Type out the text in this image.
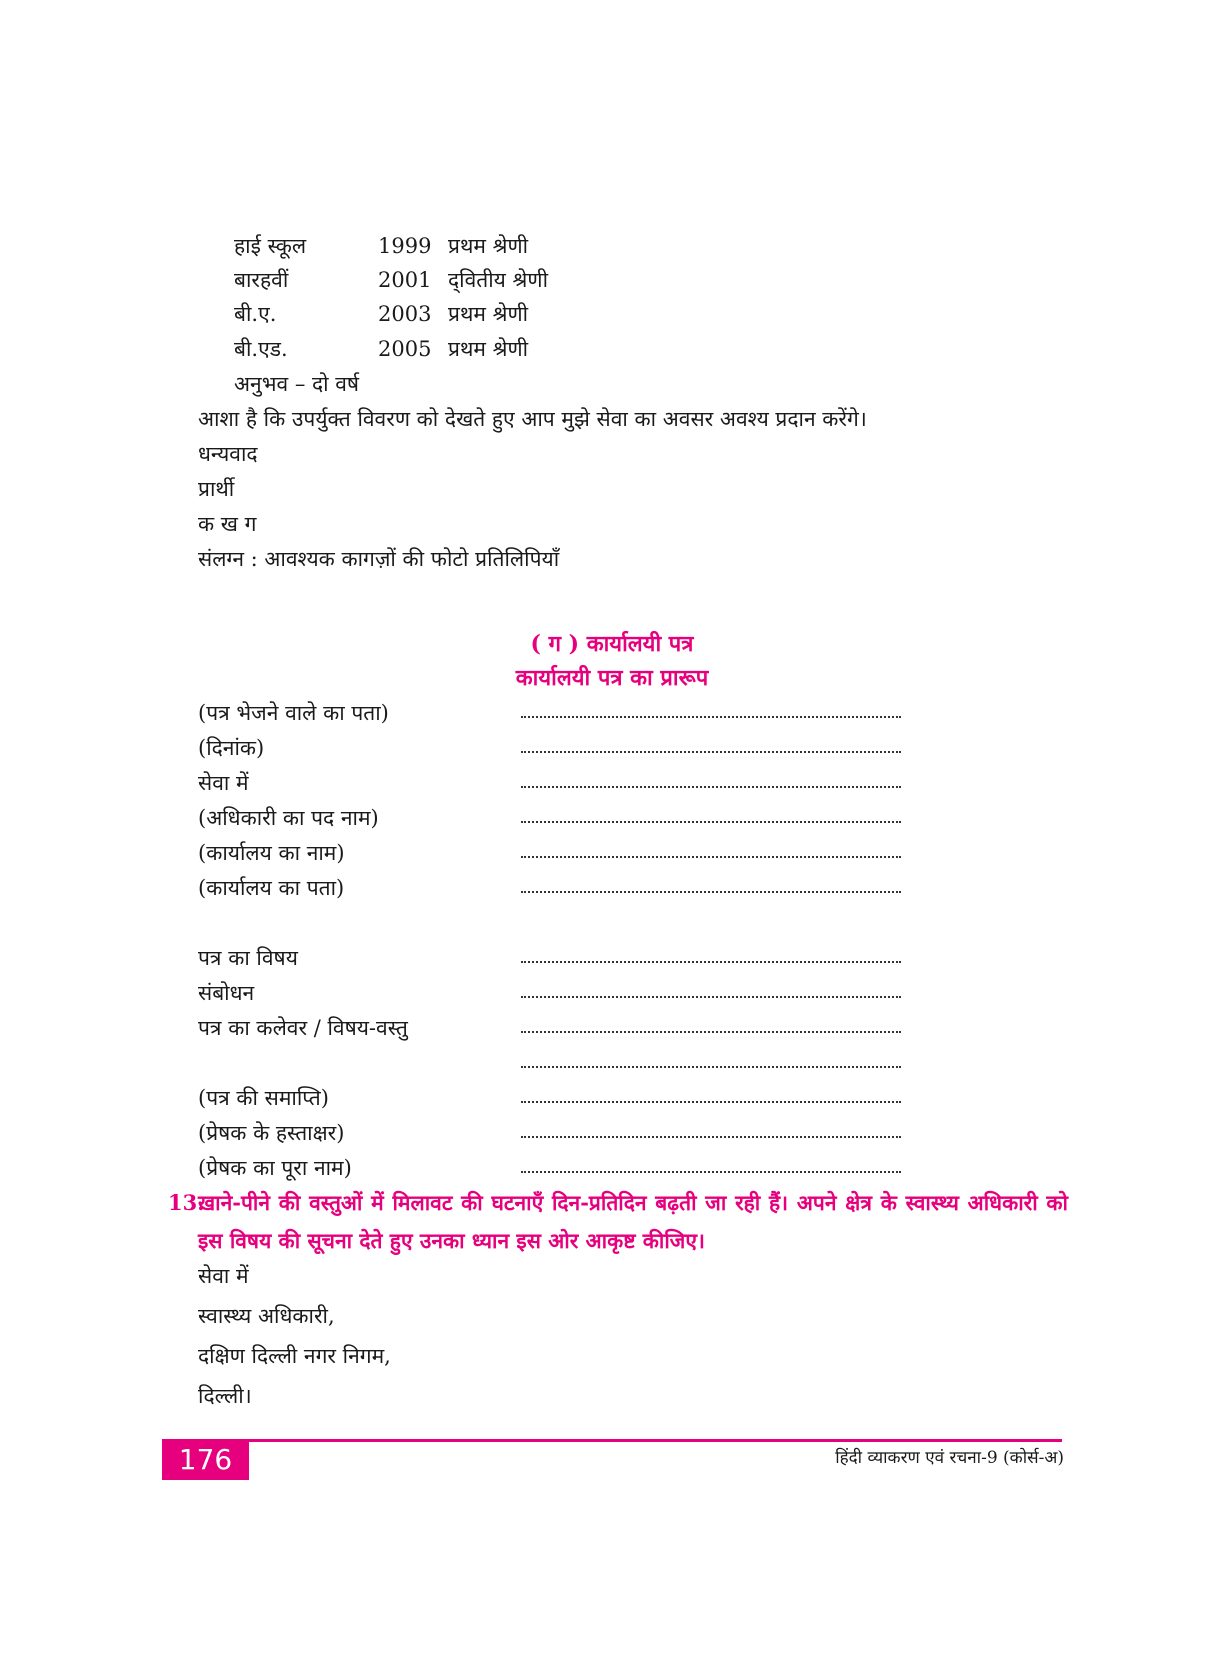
हाई स्कूल	1999 प्रथम श्रेणी
बारहवीं	2001 द्‌वितीय श्रेणी
बी.ए.	2003 प्रथम श्रेणी
बी.एड.	2005 प्रथम श्रेणी
अनुभव – दो वर्ष
आशा है कि उपर्युक्त विवरण को देखते हुए आप मुझे सेवा का अवसर अवश्य प्रदान करेंगे।
धन्यवाद
प्रार्थी
क ख ग
संलग्न : आवश्यक कागज़ों की फोटो प्रतिलिपियाँ
( ग ) कार्यालयी पत्र
कार्यालयी पत्र का प्रारूप
(पत्र भेजने वाले का पता)
(दिनांक)
सेवा में
(अधिकारी का पद नाम)
(कार्यालय का नाम)
(कार्यालय का पता)
पत्र का विषय
संबोधन
पत्र का कलेवर / विषय-वस्तु
(पत्र की समाप्ति)
(प्रेषक के हस्ताक्षर)
(प्रेषक का पूरा नाम)
13.
खाने-पीने की वस्तुओं में मिलावट की घटनाएँ दिन-प्रतिदिन बढ़ती जा रही हैं। अपने क्षेत्र के स्वास्थ्य अधिकारी को इस विषय की सूचना देते हुए उनका ध्यान इस ओर आकृष्ट कीजिए।
सेवा में
स्वास्थ्य अधिकारी,
दक्षिण दिल्ली नगर निगम,
दिल्ली।
176	हिंदी व्याकरण एवं रचना-9 (कोर्स-अ)
